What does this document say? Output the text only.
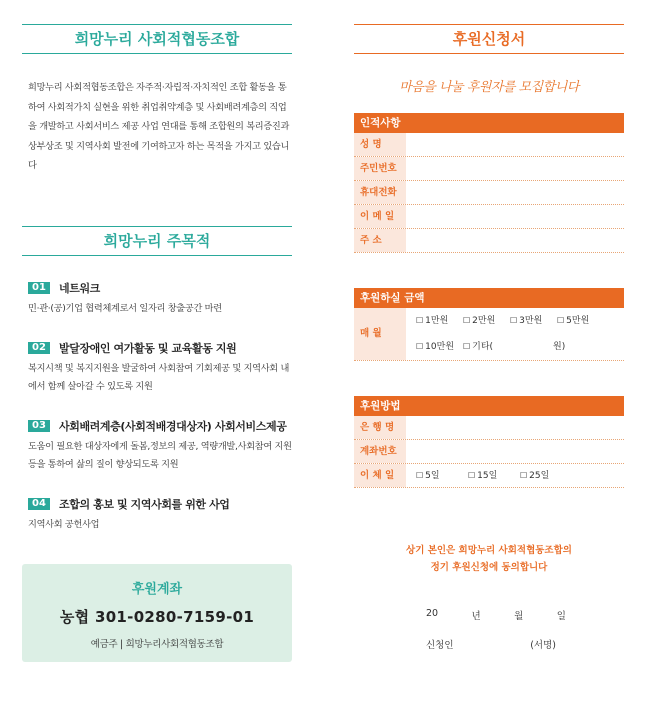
희망누리 사회적협동조합

희망누리 사회적협동조합은 자주적·자립적·자치적인 조합 활동을 통하여 사회적가치 실현을 위한 취업취약계층 및 사회배려계층의 직업을 개발하고 사회서비스 제공 사업 연대를 통해 조합원의 복리증진과 상부상조 및 지역사회 발전에 기여하고자 하는 목적을 가지고 있습니다

희망누리 주목적
01	네트워크
민·관·(공)기업 협력체계로서 일자리 창출공간 마련
02	발달장애인 여가활동 및 교육활동 지원
복지시책 및 복지지원을 발굴하여 사회참여 기회제공 및 지역사회 내에서 함께 살아갈 수 있도록 지원
03	사회배려계층(사회적배경대상자) 사회서비스제공
도움이 필요한 대상자에게 돌봄,정보의 제공, 역량개발,사회참여 지원등을 통하여 삶의 질이 향상되도록 지원
04	조합의 홍보 및 지역사회를 위한 사업
지역사회 공헌사업
후원계좌
농협 301-0280-7159-01
예금주 | 희망누리사회적협동조합
후원신청서
마음을 나눌 후원자를 모집합니다
인적사항
성 명
주민번호
휴대전화
이 메 일
주 소
후원하실 금액
매 월
☐ 1만원	☐ 2만원	☐ 3만원	☐ 5만원
☐ 10만원	☐ 기타(	원)
후원방법
은 행 명
계좌번호
이 체 일	☐ 5일	☐ 15일	☐ 25일
상기 본인은 희망누리 사회적협동조합의
정기 후원신청에 동의합니다
20	년	월	일
신청인	(서명)
